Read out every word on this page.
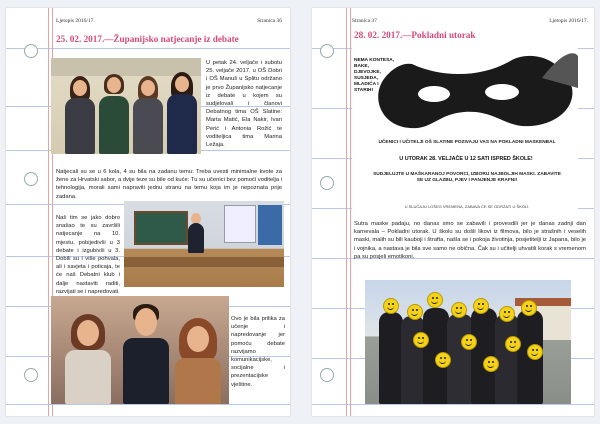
Ljetopis 2016/17.	Stranica 36
25. 02. 2017.—Županijsko natjecanje iz debate

U petak 24. veljače i subotu 25. veljače 2017. u OŠ Dobri i OŠ Manuš u Splitu održano je prvo Županijsko natjecanje iz debate u kojem su sudjelovali i članovi Debatnog tima OŠ Slatine: Marta Matić, Ela Nakir, Ivan Perić i Antonia Rožić te voditeljica tima Marina Ležaja.

Natjecali su se u 6 kola, 4 su bila na zadanu temu: Treba uvesti minimalne kvote za žene za Hrvatski sabor, a dvije teze su bile od kuće: Tu su učenici bez pomoći voditelja i tehnologija, morali sami napraviti jednu stranu na temu koja im je nepoznata prije zadana.

Naš tim se jako dobro snašao te su završili natjecanje na 10. mjestu, pobijedivši u 3 debate i izgubivši u 3. Dobili su i više pohvala, ali i savjeta i poticaja, te će naš Debatni klub i dalje nastaviti raditi, razvijati se i napredovati.

Ovo je bila prilika za učenje i napredovanje jer pomoću debate razvijamo komunikacijske, socijalne i prezentacijske vještine.

Stranica 37	Ljetopis 2016/17.
28. 02. 2017.—Pokladni utorak
NEMA KONTESA, BAKE, DJEVOJKE, SUSJEDA, MLADIĆA I STARIH!
UČENICI I UČITELJI OŠ SLATINE POZIVAJU VAS NA POKLADNI MASKENBAL
U UTORAK 28. VELJAČE U 12 SATI ISPRED ŠKOLE!
SUDJELUJTE U MAŠKARANOJ POVORCI, IZBORU NAJBOLJIH MASKI. ZABAVITE SE UZ GLAZBU, PJEV I PANJENJE KRAFNI!
U SLUČAJU LOŠEG VREMENA, ZABAVA ĆE SE ODRŽATI U ŠKOLI.

Sutra maske padaju, no danas smo se zabavili i provesdili jer je danas zadnji dan karnevala – Pokladni utorak. U školu su došli likovi iz filmova, bilo je strašnih i veselih maski, malih su bili kauboji i štrafta, našla se i pokoja životinja, posjetitelji iz Japana, bilo je i vojnika, a nastava je bila sve samo ne obična. Čak su i učitelji uhvatili korak s vremenom pa su posjeli emotikoni.
